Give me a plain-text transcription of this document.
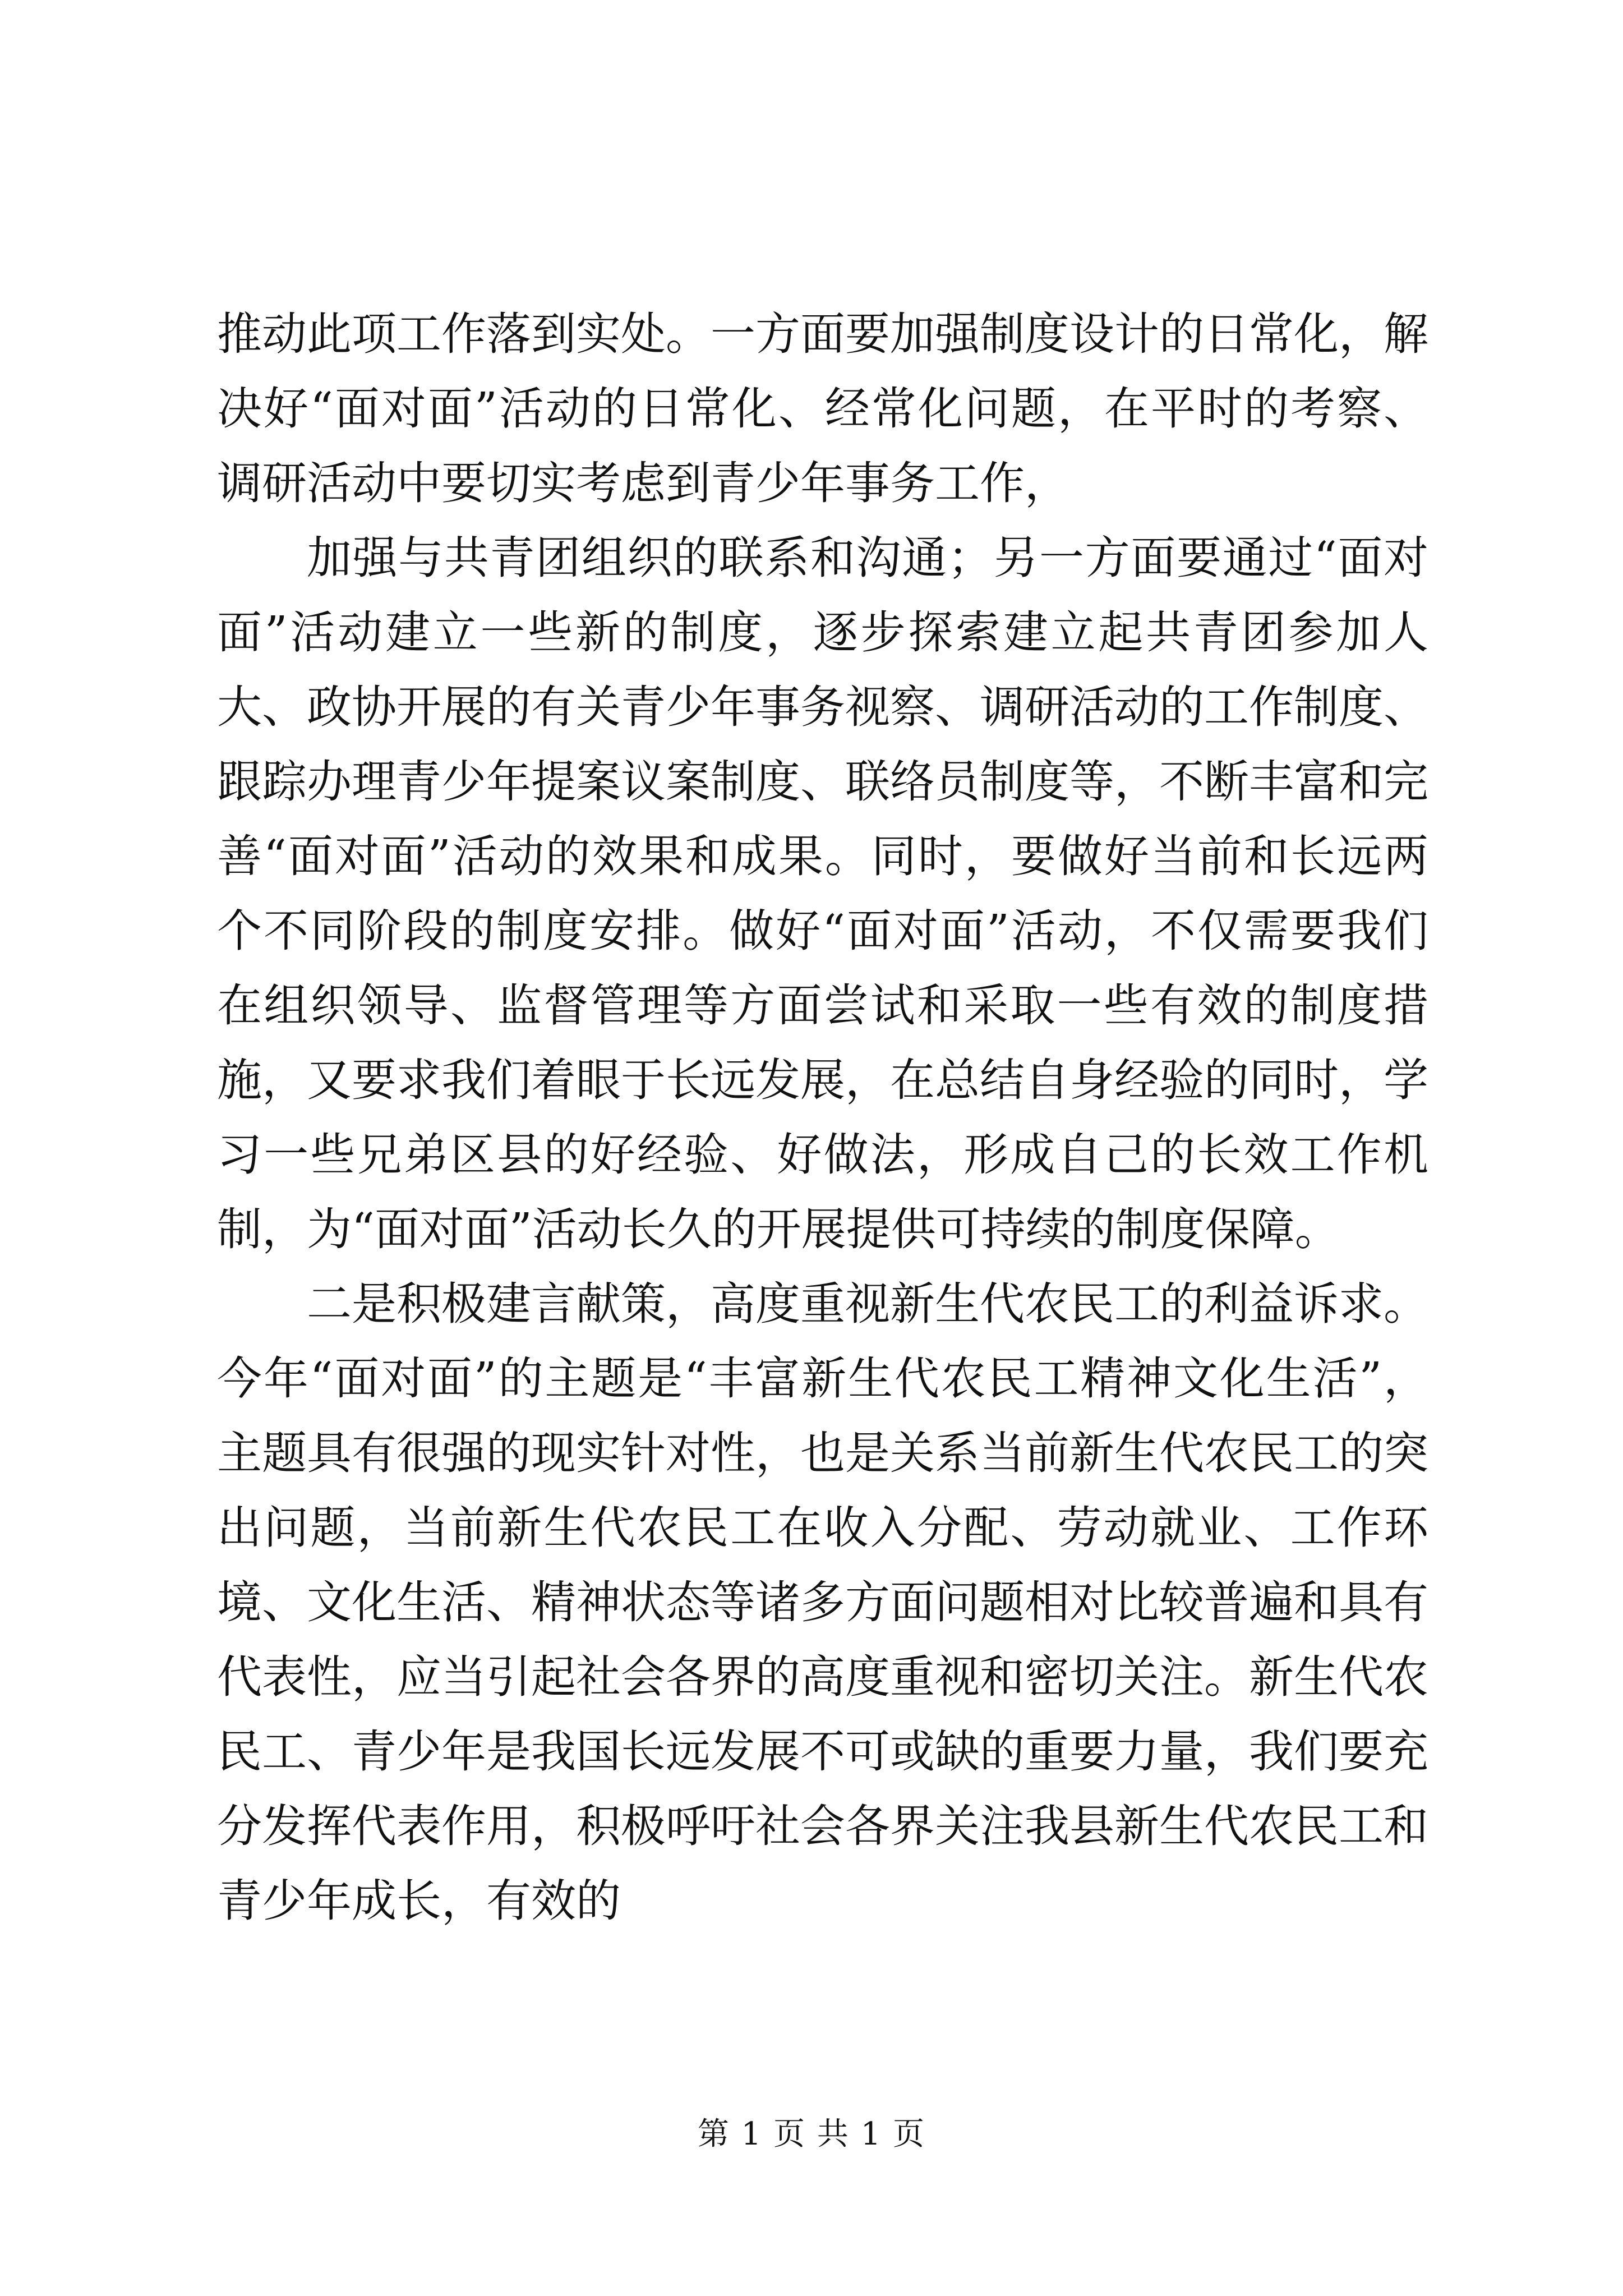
推动此项工作落到实处。一方面要加强制度设计的日常化，解决好“面对面”活动的日常化、经常化问题，在平时的考察、调研活动中要切实考虑到青少年事务工作，

加强与共青团组织的联系和沟通；另一方面要通过“面对面”活动建立一些新的制度，逐步探索建立起共青团参加人大、政协开展的有关青少年事务视察、调研活动的工作制度、跟踪办理青少年提案议案制度、联络员制度等，不断丰富和完善“面对面”活动的效果和成果。同时，要做好当前和长远两个不同阶段的制度安排。做好“面对面”活动，不仅需要我们在组织领导、监督管理等方面尝试和采取一些有效的制度措施，又要求我们着眼于长远发展，在总结自身经验的同时，学习一些兄弟区县的好经验、好做法，形成自己的长效工作机制，为“面对面”活动长久的开展提供可持续的制度保障。

二是积极建言献策，高度重视新生代农民工的利益诉求。今年“面对面”的主题是“丰富新生代农民工精神文化生活”，主题具有很强的现实针对性，也是关系当前新生代农民工的突出问题，当前新生代农民工在收入分配、劳动就业、工作环境、文化生活、精神状态等诸多方面问题相对比较普遍和具有代表性，应当引起社会各界的高度重视和密切关注。新生代农民工、青少年是我国长远发展不可或缺的重要力量，我们要充分发挥代表作用，积极呼吁社会各界关注我县新生代农民工和青少年成长，有效的

第 1 页 共 1 页
